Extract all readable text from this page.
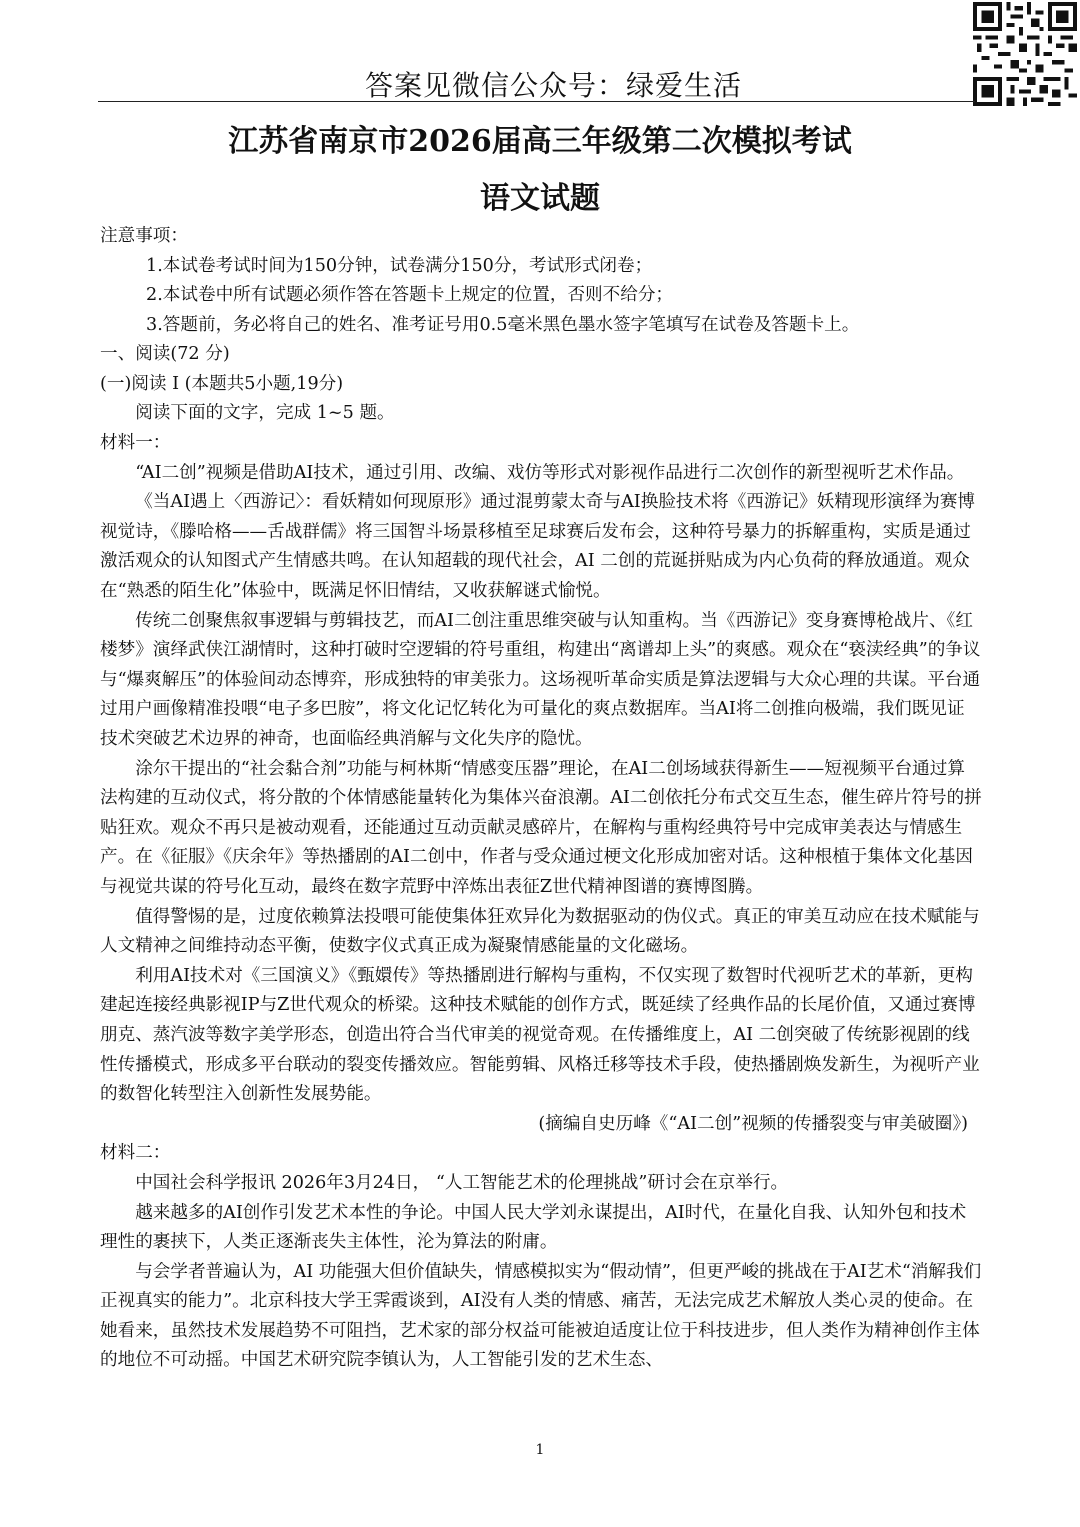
答案见微信公众号：绿爱生活
江苏省南京市2026届高三年级第二次模拟考试
语文试题

注意事项：

1.本试卷考试时间为150分钟，试卷满分150分，考试形式闭卷；

2.本试卷中所有试题必须作答在答题卡上规定的位置，否则不给分；

3.答题前，务必将自己的姓名、准考证号用0.5毫米黑色墨水签字笔填写在试卷及答题卡上。

一、阅读(72 分)

(一)阅读 Ⅰ (本题共5小题,19分)

阅读下面的文字，完成 1~5 题。

材料一：

“AI二创”视频是借助AI技术，通过引用、改编、戏仿等形式对影视作品进行二次创作的新型视听艺术作品。

《当AI遇上〈西游记〉：看妖精如何现原形》通过混剪蒙太奇与AI换脸技术将《西游记》妖精现形演绎为赛博视觉诗，《滕哈格——舌战群儒》将三国智斗场景移植至足球赛后发布会，这种符号暴力的拆解重构，实质是通过激活观众的认知图式产生情感共鸣。在认知超载的现代社会，AI 二创的荒诞拼贴成为内心负荷的释放通道。观众在“熟悉的陌生化”体验中，既满足怀旧情结，又收获解谜式愉悦。

传统二创聚焦叙事逻辑与剪辑技艺，而AI二创注重思维突破与认知重构。当《西游记》变身赛博枪战片、《红楼梦》演绎武侠江湖情时，这种打破时空逻辑的符号重组，构建出“离谱却上头”的爽感。观众在“亵渎经典”的争议与“爆爽解压”的体验间动态博弈，形成独特的审美张力。这场视听革命实质是算法逻辑与大众心理的共谋。平台通过用户画像精准投喂“电子多巴胺”，将文化记忆转化为可量化的爽点数据库。当AI将二创推向极端，我们既见证技术突破艺术边界的神奇，也面临经典消解与文化失序的隐忧。

涂尔干提出的“社会黏合剂”功能与柯林斯“情感变压器”理论，在AI二创场域获得新生——短视频平台通过算法构建的互动仪式，将分散的个体情感能量转化为集体兴奋浪潮。AI二创依托分布式交互生态，催生碎片符号的拼贴狂欢。观众不再只是被动观看，还能通过互动贡献灵感碎片，在解构与重构经典符号中完成审美表达与情感生产。在《征服》《庆余年》等热播剧的AI二创中，作者与受众通过梗文化形成加密对话。这种根植于集体文化基因与视觉共谋的符号化互动，最终在数字荒野中淬炼出表征Z世代精神图谱的赛博图腾。

值得警惕的是，过度依赖算法投喂可能使集体狂欢异化为数据驱动的伪仪式。真正的审美互动应在技术赋能与人文精神之间维持动态平衡，使数字仪式真正成为凝聚情感能量的文化磁场。

利用AI技术对《三国演义》《甄嬛传》等热播剧进行解构与重构，不仅实现了数智时代视听艺术的革新，更构建起连接经典影视IP与Z世代观众的桥梁。这种技术赋能的创作方式，既延续了经典作品的长尾价值，又通过赛博朋克、蒸汽波等数字美学形态，创造出符合当代审美的视觉奇观。在传播维度上，AI 二创突破了传统影视剧的线性传播模式，形成多平台联动的裂变传播效应。智能剪辑、风格迁移等技术手段，使热播剧焕发新生，为视听产业的数智化转型注入创新性发展势能。

(摘编自史历峰《“AI二创”视频的传播裂变与审美破圈》)

材料二：

中国社会科学报讯 2026年3月24日， “人工智能艺术的伦理挑战”研讨会在京举行。

越来越多的AI创作引发艺术本性的争论。中国人民大学刘永谋提出，AI时代，在量化自我、认知外包和技术理性的裹挟下，人类正逐渐丧失主体性，沦为算法的附庸。

与会学者普遍认为，AI 功能强大但价值缺失，情感模拟实为“假动情”，但更严峻的挑战在于AI艺术“消解我们正视真实的能力”。北京科技大学王霁霞谈到，AI没有人类的情感、痛苦，无法完成艺术解放人类心灵的使命。在她看来，虽然技术发展趋势不可阻挡，艺术家的部分权益可能被迫适度让位于科技进步，但人类作为精神创作主体的地位不可动摇。中国艺术研究院李镇认为，人工智能引发的艺术生态、

1
